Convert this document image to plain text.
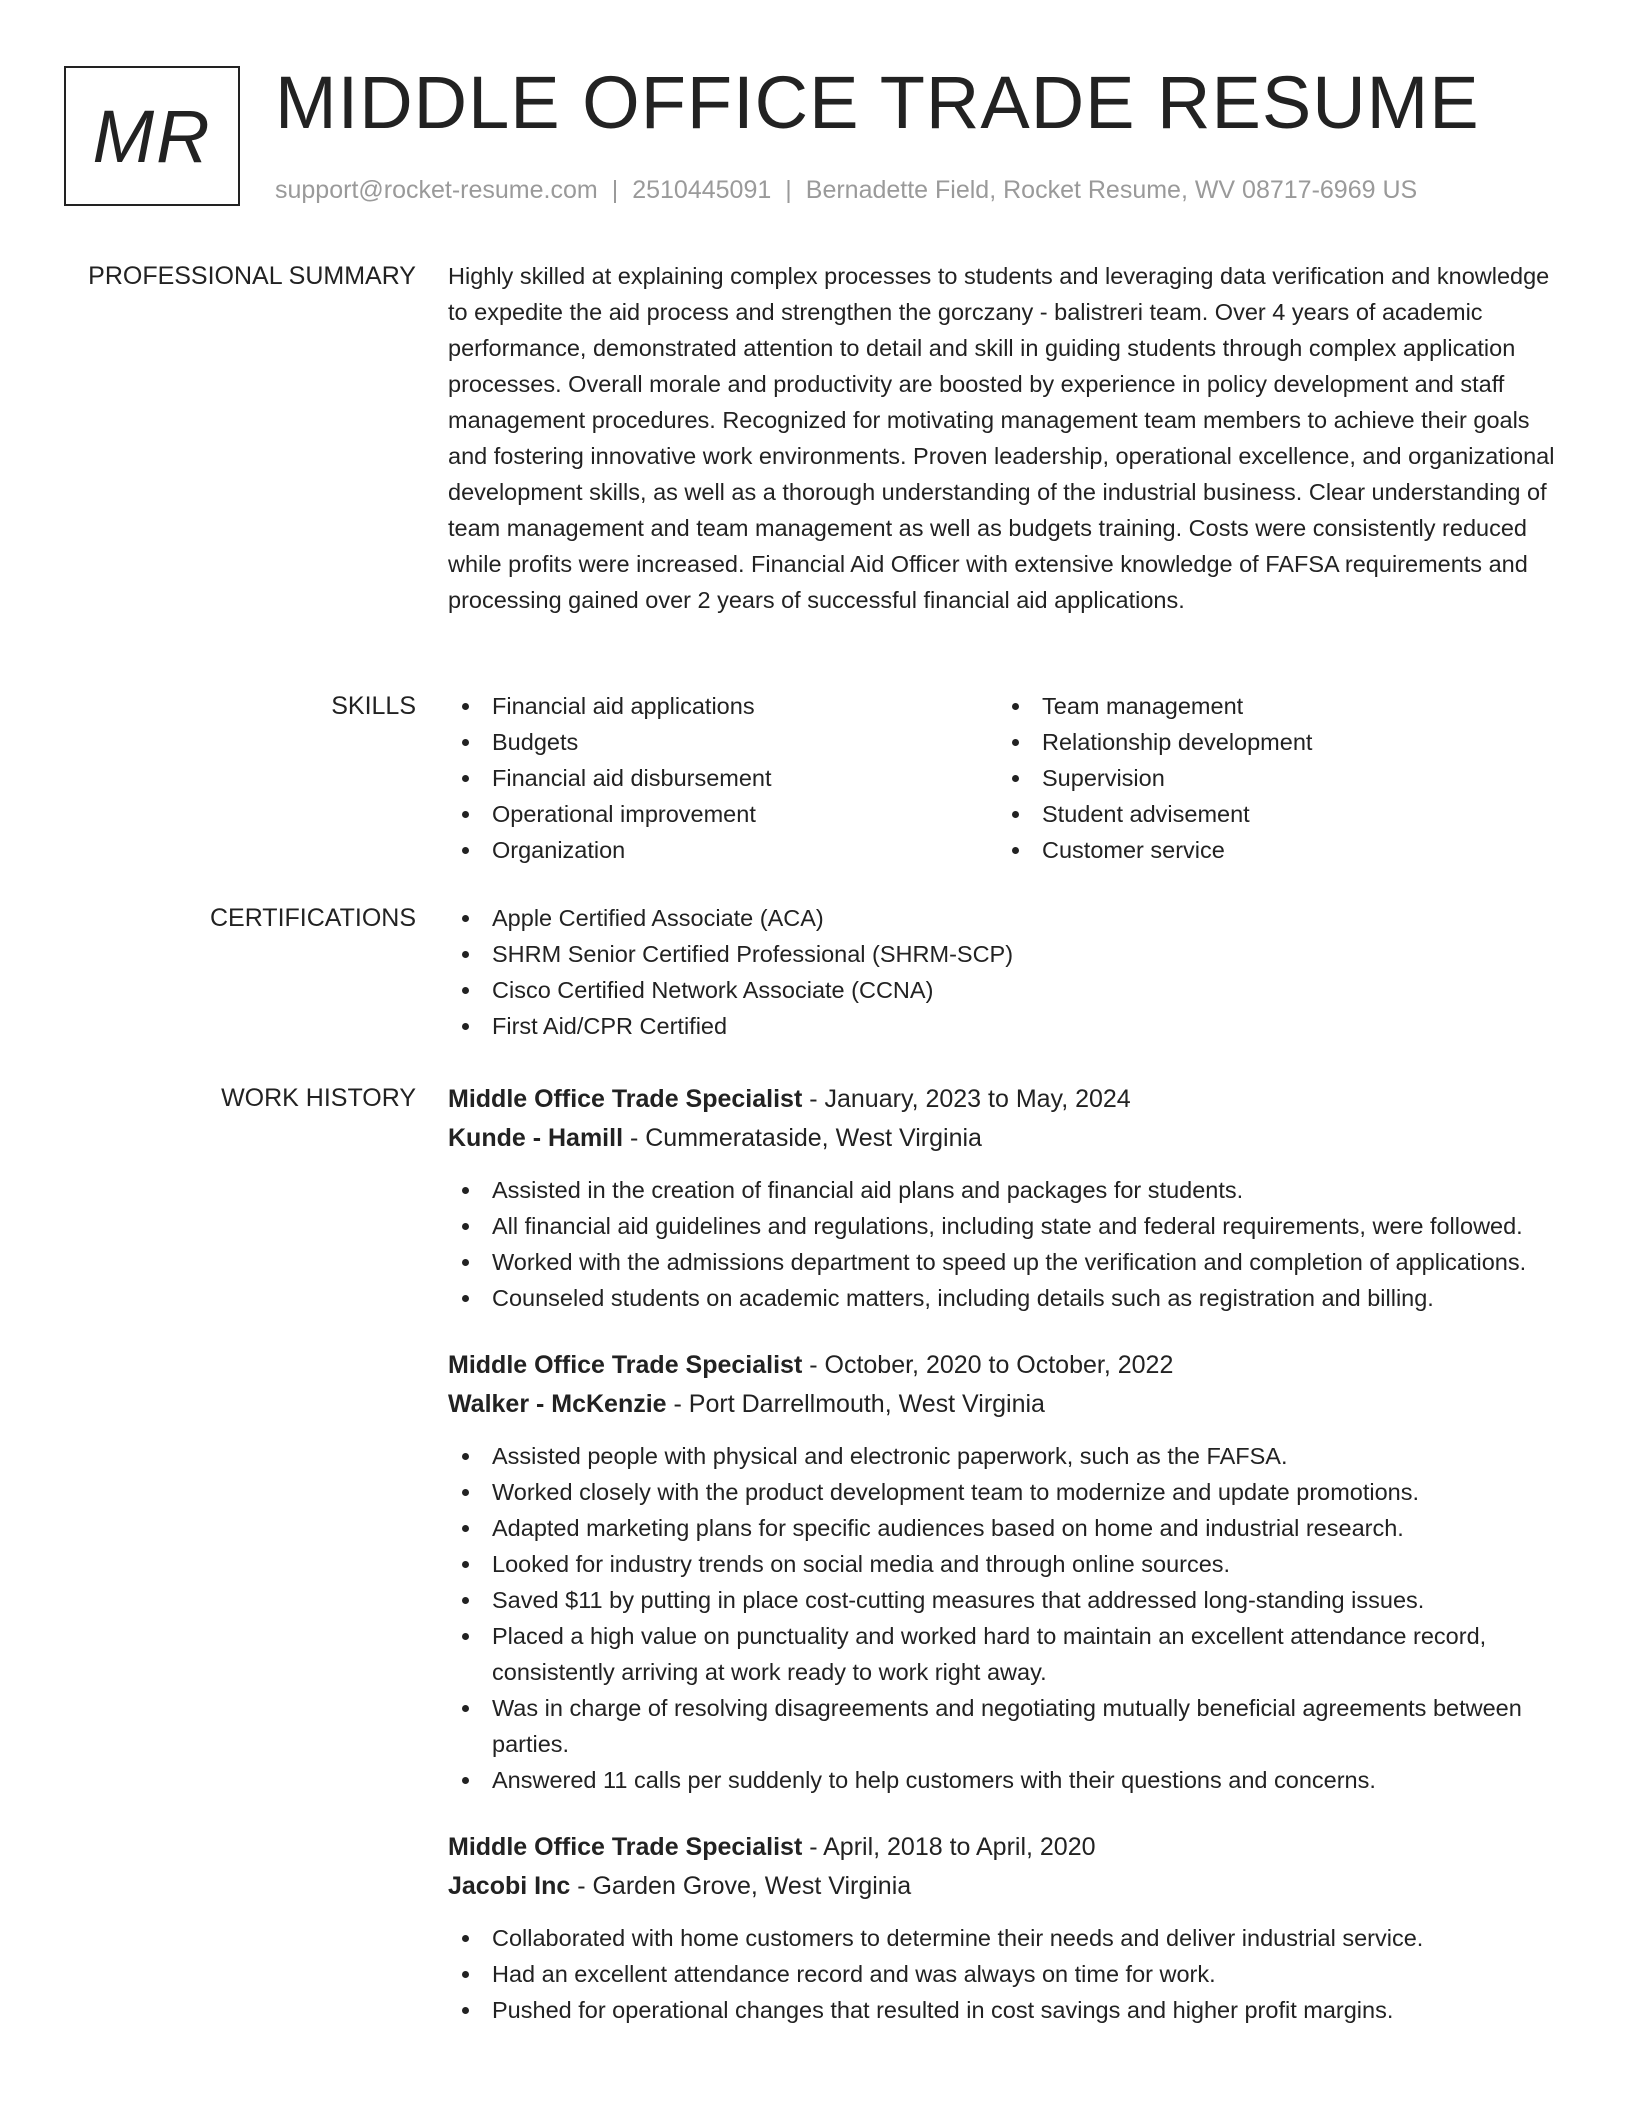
MR MIDDLE OFFICE TRADE RESUME
support@rocket-resume.com | 2510445091 | Bernadette Field, Rocket Resume, WV 08717-6969 US
PROFESSIONAL SUMMARY Highly skilled at explaining complex processes to students and leveraging data verification and knowledge to expedite the aid process and strengthen the gorczany - balistreri team. Over 4 years of academic performance, demonstrated attention to detail and skill in guiding students through complex application processes. Overall morale and productivity are boosted by experience in policy development and staff management procedures. Recognized for motivating management team members to achieve their goals and fostering innovative work environments. Proven leadership, operational excellence, and organizational development skills, as well as a thorough understanding of the industrial business. Clear understanding of team management and team management as well as budgets training. Costs were consistently reduced while profits were increased. Financial Aid Officer with extensive knowledge of FAFSA requirements and processing gained over 2 years of successful financial aid applications.

SKILLS	Financial aid applications
Budgets
Financial aid disbursement
Operational improvement
Organization
Team management
Relationship development
Supervision
Student advisement
Customer service
CERTIFICATIONS	Apple Certified Associate (ACA)
SHRM Senior Certified Professional (SHRM-SCP)
Cisco Certified Network Associate (CCNA)
First Aid/CPR Certified
WORK HISTORY Middle Office Trade Specialist - January, 2023 to May, 2024
Kunde - Hamill - Cummerataside, West Virginia
Assisted in the creation of financial aid plans and packages for students.
All financial aid guidelines and regulations, including state and federal requirements, were followed.
Worked with the admissions department to speed up the verification and completion of applications.
Counseled students on academic matters, including details such as registration and billing.
Middle Office Trade Specialist - October, 2020 to October, 2022
Walker - McKenzie - Port Darrellmouth, West Virginia
Assisted people with physical and electronic paperwork, such as the FAFSA.
Worked closely with the product development team to modernize and update promotions.
Adapted marketing plans for specific audiences based on home and industrial research.
Looked for industry trends on social media and through online sources.
Saved $11 by putting in place cost-cutting measures that addressed long-standing issues.
Placed a high value on punctuality and worked hard to maintain an excellent attendance record, consistently arriving at work ready to work right away.
Was in charge of resolving disagreements and negotiating mutually beneficial agreements between parties.
Answered 11 calls per suddenly to help customers with their questions and concerns.
Middle Office Trade Specialist - April, 2018 to April, 2020
Jacobi Inc - Garden Grove, West Virginia
Collaborated with home customers to determine their needs and deliver industrial service.
Had an excellent attendance record and was always on time for work.
Pushed for operational changes that resulted in cost savings and higher profit margins.
